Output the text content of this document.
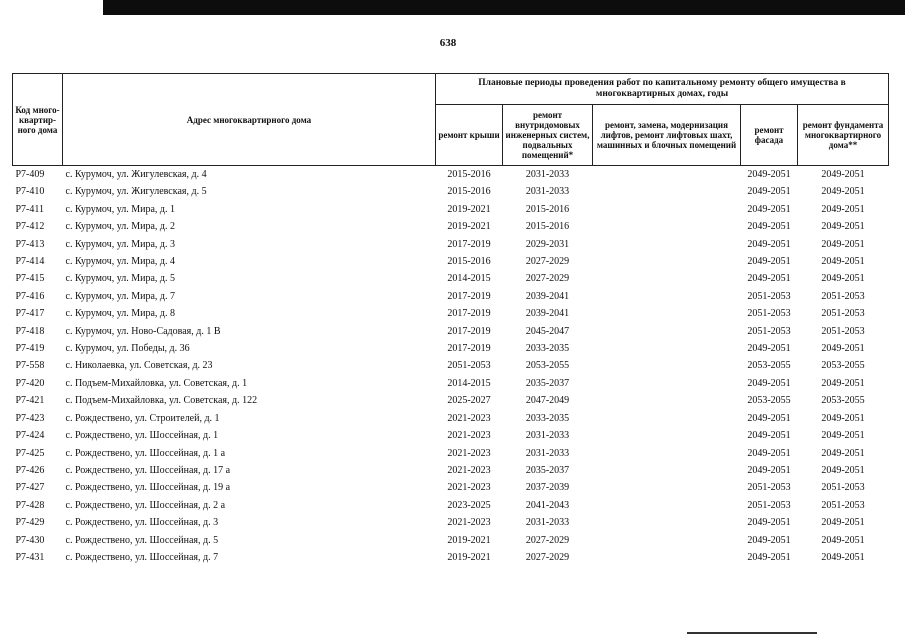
638
Код много-квартир-ного дома	Адрес многоквартирного дома	Плановые периоды проведения работ по капитальному ремонту общего имущества в многоквартирных домах, годы				
		ремонт крыши	ремонт внутридомовых инженерных систем, подвальных помещений*	ремонт, замена, модернизация лифтов, ремонт лифтовых шахт, машинных и блочных помещений	ремонт фасада	ремонт фундамента многоквартирного дома**
Р7-409	с. Курумоч, ул. Жигулевская, д. 4	2015-2016	2031-2033		2049-2051	2049-2051
Р7-410	с. Курумоч, ул. Жигулевская, д. 5	2015-2016	2031-2033		2049-2051	2049-2051
Р7-411	с. Курумоч, ул. Мира, д. 1	2019-2021	2015-2016		2049-2051	2049-2051
Р7-412	с. Курумоч, ул. Мира, д. 2	2019-2021	2015-2016		2049-2051	2049-2051
Р7-413	с. Курумоч, ул. Мира, д. 3	2017-2019	2029-2031		2049-2051	2049-2051
Р7-414	с. Курумоч, ул. Мира, д. 4	2015-2016	2027-2029		2049-2051	2049-2051
Р7-415	с. Курумоч, ул. Мира, д. 5	2014-2015	2027-2029		2049-2051	2049-2051
Р7-416	с. Курумоч, ул. Мира, д. 7	2017-2019	2039-2041		2051-2053	2051-2053
Р7-417	с. Курумоч, ул. Мира, д. 8	2017-2019	2039-2041		2051-2053	2051-2053
Р7-418	с. Курумоч, ул. Ново-Садовая, д. 1 В	2017-2019	2045-2047		2051-2053	2051-2053
Р7-419	с. Курумоч, ул. Победы, д. 36	2017-2019	2033-2035		2049-2051	2049-2051
Р7-558	с. Николаевка, ул. Советская, д. 23	2051-2053	2053-2055		2053-2055	2053-2055
Р7-420	с. Подъем-Михайловка, ул. Советская, д. 1	2014-2015	2035-2037		2049-2051	2049-2051
Р7-421	с. Подъем-Михайловка, ул. Советская, д. 122	2025-2027	2047-2049		2053-2055	2053-2055
Р7-423	с. Рождествено, ул. Строителей, д. 1	2021-2023	2033-2035		2049-2051	2049-2051
Р7-424	с. Рождествено, ул. Шоссейная, д. 1	2021-2023	2031-2033		2049-2051	2049-2051
Р7-425	с. Рождествено, ул. Шоссейная, д. 1 а	2021-2023	2031-2033		2049-2051	2049-2051
Р7-426	с. Рождествено, ул. Шоссейная, д. 17 а	2021-2023	2035-2037		2049-2051	2049-2051
Р7-427	с. Рождествено, ул. Шоссейная, д. 19 а	2021-2023	2037-2039		2051-2053	2051-2053
Р7-428	с. Рождествено, ул. Шоссейная, д. 2 а	2023-2025	2041-2043		2051-2053	2051-2053
Р7-429	с. Рождествено, ул. Шоссейная, д. 3	2021-2023	2031-2033		2049-2051	2049-2051
Р7-430	с. Рождествено, ул. Шоссейная, д. 5	2019-2021	2027-2029		2049-2051	2049-2051
Р7-431	с. Рождествено, ул. Шоссейная, д. 7	2019-2021	2027-2029		2049-2051	2049-2051
